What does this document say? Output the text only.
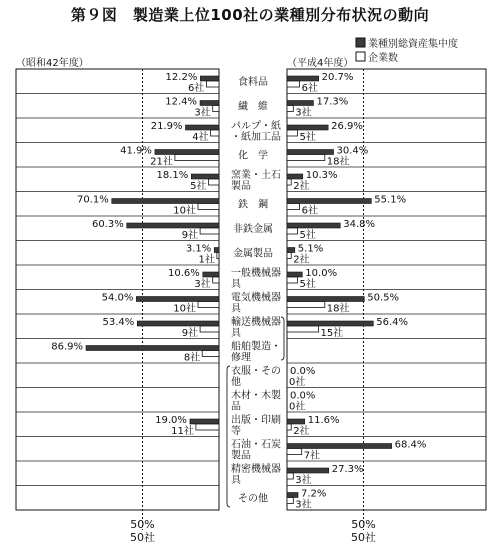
第９図　製造業上位100社の業種別分布状況の動向
50%
50社
50%
50社
（昭和42年度）	（平成4年度）
業種別総資産集中度
企業数
12.2%
6社
20.7%
6社
食料品
12.4%
3社
17.3%
3社
繊　維
21.9%
4社
26.9%
5社
パルプ・紙
・紙加工品
41.9%
21社
30.4%
18社
化　学
18.1%
5社
10.3%
2社
窯業・土石
製品
70.1%
10社
55.1%
6社
鉄　鋼
60.3%
9社
34.8%
5社
非鉄金属
3.1%
1社
5.1%
2社
金属製品
10.6%
3社
10.0%
5社
一般機械器
具
54.0%
10社
50.5%
18社
電気機械器
具
53.4%
9社
56.4%
15社
輸送機械器
具
86.9%
8社
船舶製造・
修理
0.0%
0社
衣服・その
他
0.0%
0社
木材・木製
品
19.0%
11社
11.6%
2社
出版・印刷
等
68.4%
7社
石油・石炭
製品
27.3%
3社
精密機械器
具
7.2%
3社
その他
